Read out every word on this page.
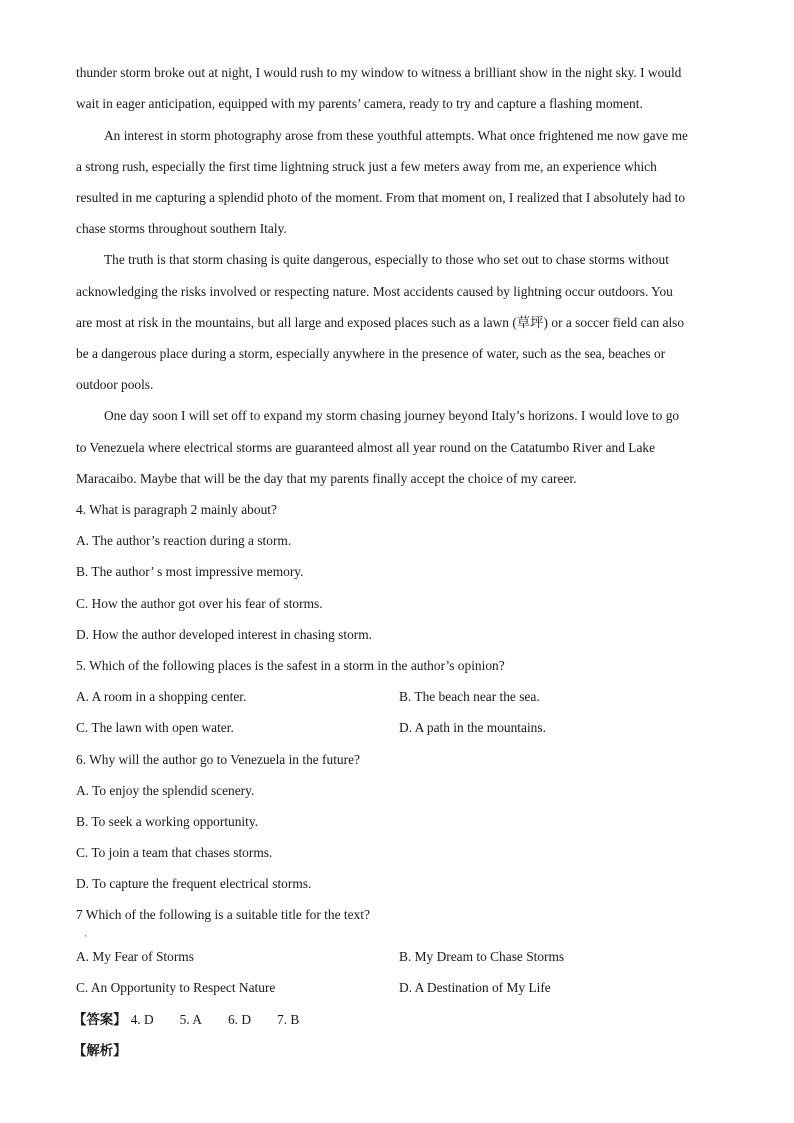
thunder storm broke out at night, I would rush to my window to witness a brilliant show in the night sky. I would
wait in eager anticipation, equipped with my parents’ camera, ready to try and capture a flashing moment.
An interest in storm photography arose from these youthful attempts. What once frightened me now gave me
a strong rush, especially the first time lightning struck just a few meters away from me, an experience which
resulted in me capturing a splendid photo of the moment. From that moment on, I realized that I absolutely had to
chase storms throughout southern Italy.
The truth is that storm chasing is quite dangerous, especially to those who set out to chase storms without
acknowledging the risks involved or respecting nature. Most accidents caused by lightning occur outdoors. You
are most at risk in the mountains, but all large and exposed places such as a lawn (草坪) or a soccer field can also
be a dangerous place during a storm, especially anywhere in the presence of water, such as the sea, beaches or
outdoor pools.
One day soon I will set off to expand my storm chasing journey beyond Italy’s horizons. I would love to go
to Venezuela where electrical storms are guaranteed almost all year round on the Catatumbo River and Lake
Maracaibo. Maybe that will be the day that my parents finally accept the choice of my career.
4. What is paragraph 2 mainly about?
A. The author’s reaction during a storm.
B. The author’ s most impressive memory.
C. How the author got over his fear of storms.
D. How the author developed interest in chasing storm.
5. Which of the following places is the safest in a storm in the author’s opinion?
A. A room in a shopping center.	B. The beach near the sea.
C. The lawn with open water.	D. A path in the mountains.
6. Why will the author go to Venezuela in the future?
A. To enjoy the splendid scenery.
B. To seek a working opportunity.
C. To join a team that chases storms.
D. To capture the frequent electrical storms.
7 Which of the following is a suitable title for the text?
、
A. My Fear of Storms	B. My Dream to Chase Storms
C. An Opportunity to Respect Nature	D. A Destination of My Life
【答案】 4. D 5. A 6. D 7. B
【解析】
